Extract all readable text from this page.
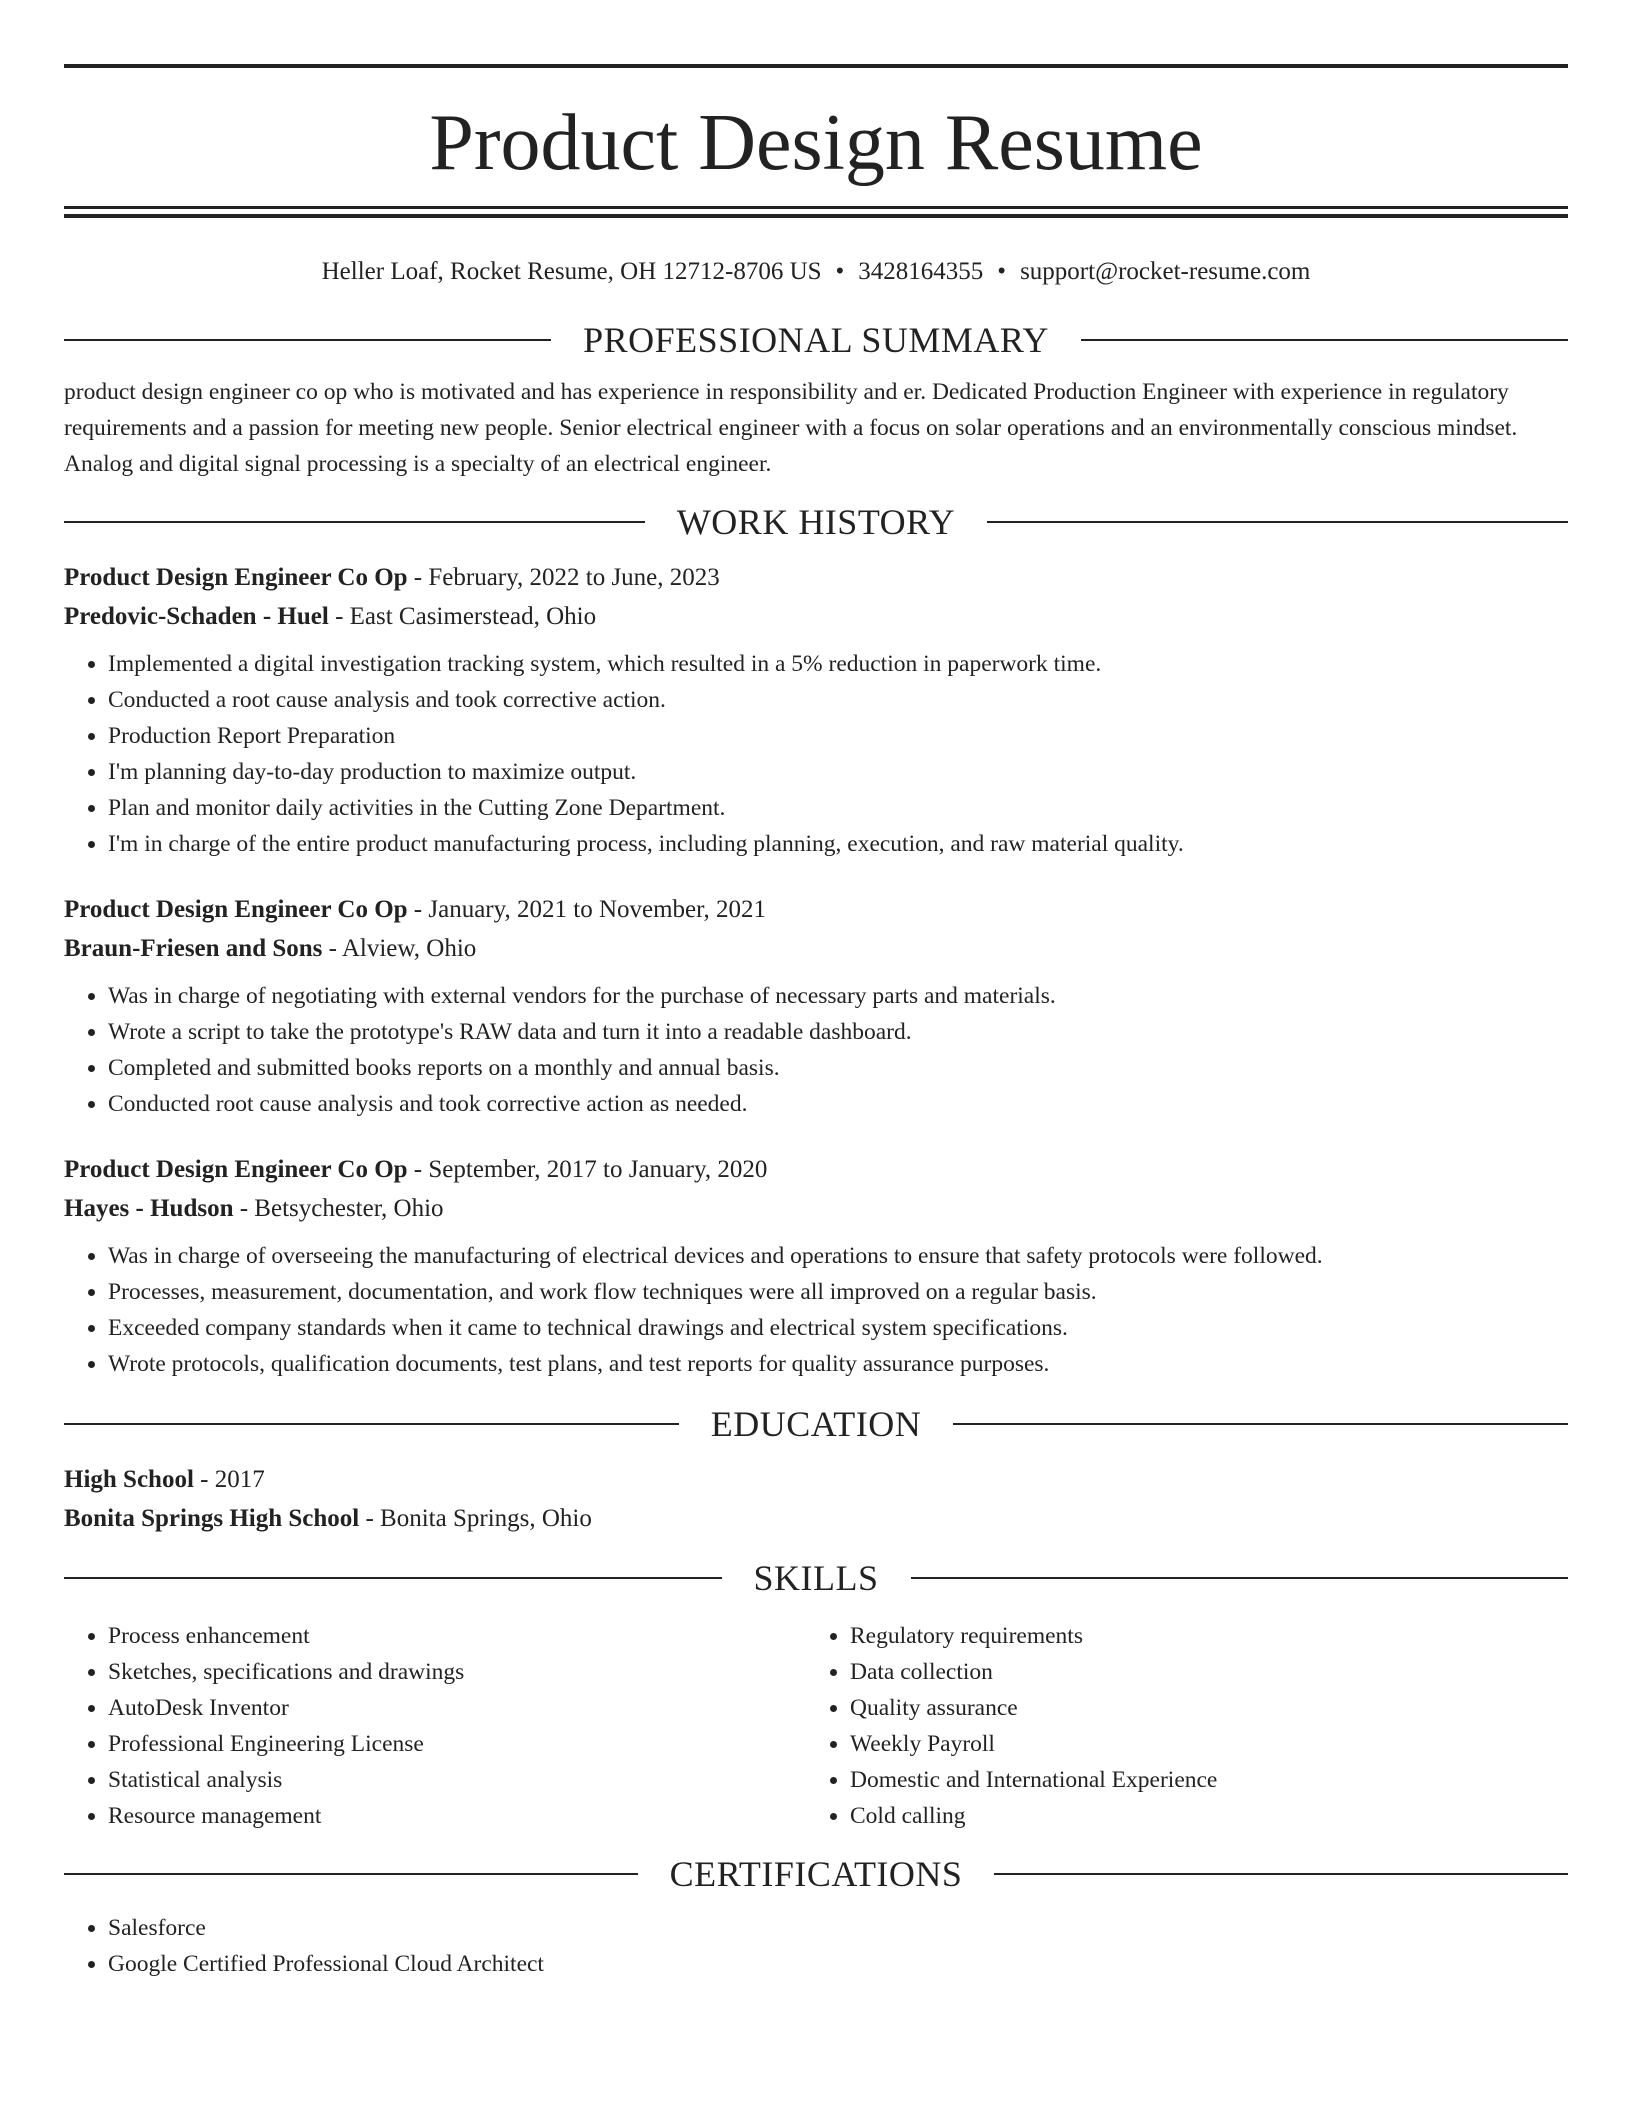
Product Design Resume
Heller Loaf, Rocket Resume, OH 12712-8706 US • 3428164355 • support@rocket-resume.com
PROFESSIONAL SUMMARY
product design engineer co op who is motivated and has experience in responsibility and er. Dedicated Production Engineer with experience in regulatory requirements and a passion for meeting new people. Senior electrical engineer with a focus on solar operations and an environmentally conscious mindset. Analog and digital signal processing is a specialty of an electrical engineer.
WORK HISTORY
Product Design Engineer Co Op - February, 2022 to June, 2023
Predovic-Schaden - Huel - East Casimerstead, Ohio
• Implemented a digital investigation tracking system, which resulted in a 5% reduction in paperwork time.
• Conducted a root cause analysis and took corrective action.
• Production Report Preparation
• I'm planning day-to-day production to maximize output.
• Plan and monitor daily activities in the Cutting Zone Department.
• I'm in charge of the entire product manufacturing process, including planning, execution, and raw material quality.
Product Design Engineer Co Op - January, 2021 to November, 2021
Braun-Friesen and Sons - Alview, Ohio
• Was in charge of negotiating with external vendors for the purchase of necessary parts and materials.
• Wrote a script to take the prototype's RAW data and turn it into a readable dashboard.
• Completed and submitted books reports on a monthly and annual basis.
• Conducted root cause analysis and took corrective action as needed.
Product Design Engineer Co Op - September, 2017 to January, 2020
Hayes - Hudson - Betsychester, Ohio
• Was in charge of overseeing the manufacturing of electrical devices and operations to ensure that safety protocols were followed.
• Processes, measurement, documentation, and work flow techniques were all improved on a regular basis.
• Exceeded company standards when it came to technical drawings and electrical system specifications.
• Wrote protocols, qualification documents, test plans, and test reports for quality assurance purposes.
EDUCATION
High School - 2017
Bonita Springs High School - Bonita Springs, Ohio
SKILLS
• Process enhancement
• Sketches, specifications and drawings
• AutoDesk Inventor
• Professional Engineering License
• Statistical analysis
• Resource management
• Regulatory requirements
• Data collection
• Quality assurance
• Weekly Payroll
• Domestic and International Experience
• Cold calling
CERTIFICATIONS
• Salesforce
• Google Certified Professional Cloud Architect
